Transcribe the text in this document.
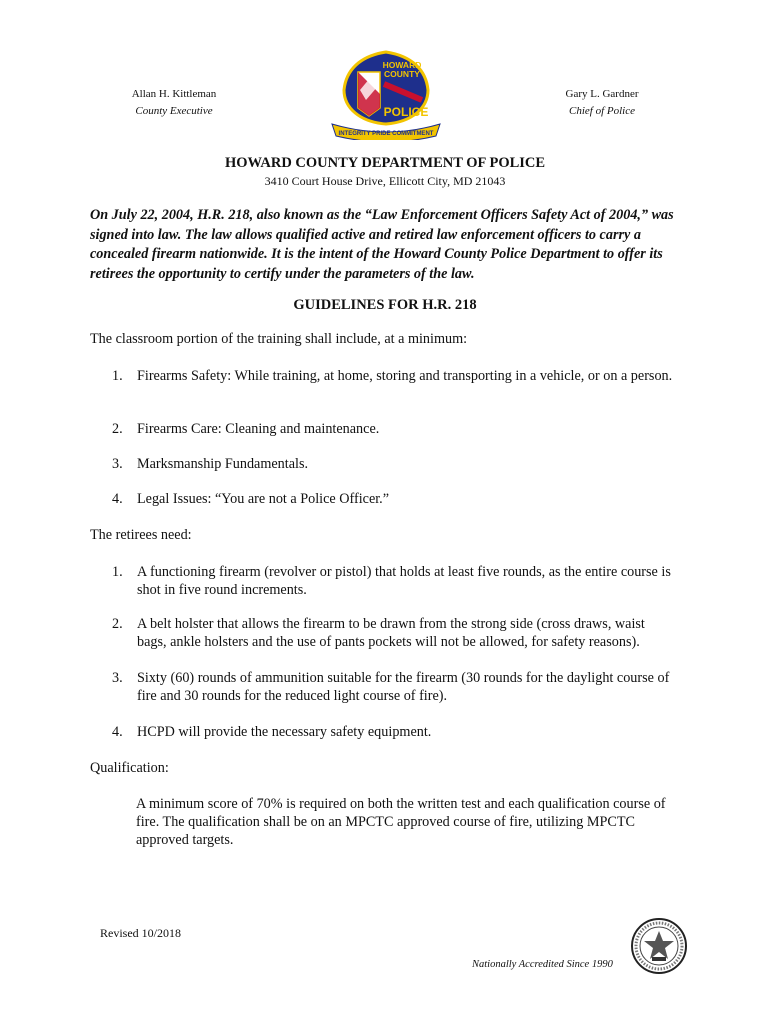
Allan H. Kittleman
County Executive
Gary L. Gardner
Chief of Police
HOWARD
COUNTY
POLICE
INTEGRITY PRIDE COMMITMENT
HOWARD COUNTY DEPARTMENT OF POLICE
3410 Court House Drive, Ellicott City, MD 21043

On July 22, 2004, H.R. 218, also known as the “Law Enforcement Officers Safety Act of 2004,” was signed into law. The law allows qualified active and retired law enforcement officers to carry a concealed firearm nationwide. It is the intent of the Howard County Police Department to offer its retirees the opportunity to certify under the parameters of the law.

GUIDELINES FOR H.R. 218

The classroom portion of the training shall include, at a minimum:

1. Firearms Safety: While training, at home, storing and transporting in a vehicle, or on a person.
2. Firearms Care: Cleaning and maintenance.
3. Marksmanship Fundamentals.
4. Legal Issues: “You are not a Police Officer.”

The retirees need:

1. A functioning firearm (revolver or pistol) that holds at least five rounds, as the entire course is shot in five round increments.
2. A belt holster that allows the firearm to be drawn from the strong side (cross draws, waist bags, ankle holsters and the use of pants pockets will not be allowed, for safety reasons).
3. Sixty (60) rounds of ammunition suitable for the firearm (30 rounds for the daylight course of fire and 30 rounds for the reduced light course of fire).
4. HCPD will provide the necessary safety equipment.

Qualification:

A minimum score of 70% is required on both the written test and each qualification course of fire. The qualification shall be on an MPCTC approved course of fire, utilizing MPCTC approved targets.

Revised 10/2018
Nationally Accredited Since 1990
